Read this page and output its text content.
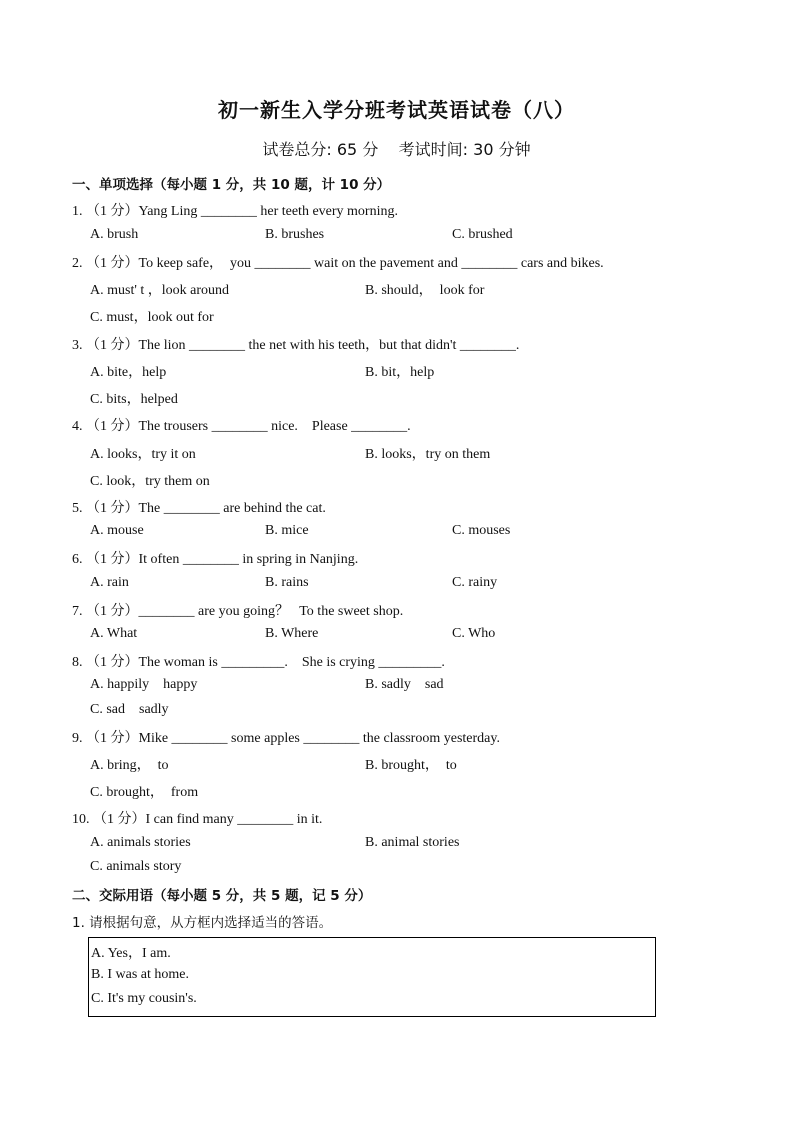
初一新生入学分班考试英语试卷（八）
试卷总分: 65 分    考试时间: 30 分钟
一、单项选择（每小题 1 分，共 10 题，计 10 分）
1. （1 分）Yang Ling ________ her teeth every morning.
A. brush	B. brushes	C. brushed
2. （1 分）To keep safe，  you ________ wait on the pavement and ________ cars and bikes.
A. must' t ，look around	B. should，  look for
C. must，look out for
3. （1 分）The lion ________ the net with his teeth，but that didn't ________.
A. bite，help	B. bit，help
C. bits，helped
4. （1 分）The trousers ________ nice.    Please ________.
A. looks，try it on	B. looks，try on them
C. look，try them on
5. （1 分）The ________ are behind the cat.
A. mouse	B. mice	C. mouses
6. （1 分）It often ________ in spring in Nanjing.
A. rain	B. rains	C. rainy
7. （1 分）________ are you going？   To the sweet shop.
A. What	B. Where	C. Who
8. （1 分）The woman is _________.    She is crying _________.
A. happily    happy	B. sadly    sad
C. sad    sadly
9. （1 分）Mike ________ some apples ________ the classroom yesterday.
A. bring，  to	B. brought，  to
C. brought，  from
10. （1 分）I can find many ________ in it.
A. animals stories	B. animal stories
C. animals story
二、交际用语（每小题 5 分，共 5 题，记 5 分）
1. 请根据句意，从方框内选择适当的答语。
A. Yes，I am.
B. I was at home.
C. It's my cousin's.
